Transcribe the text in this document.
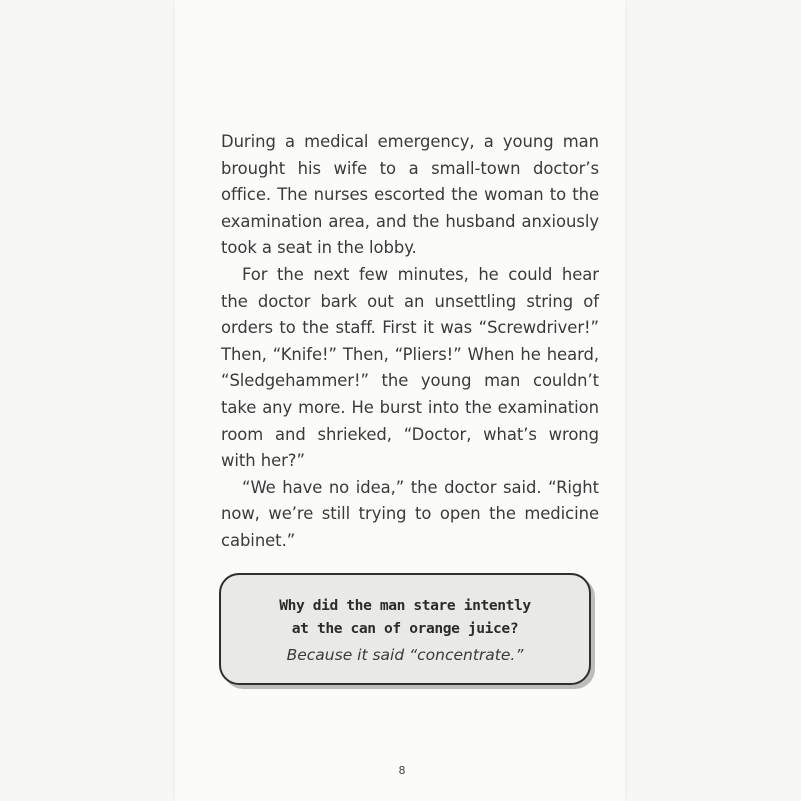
During a medical emergency, a young man brought his wife to a small-town doctor’s office. The nurses escorted the woman to the examination area, and the husband anxiously took a seat in the lobby.

For the next few minutes, he could hear the doctor bark out an unsettling string of orders to the staff. First it was “Screwdriver!” Then, “Knife!” Then, “Pliers!” When he heard, “Sledgehammer!” the young man couldn’t take any more. He burst into the examination room and shrieked, “Doctor, what’s wrong with her?”

“We have no idea,” the doctor said. “Right now, we’re still trying to open the medicine cabinet.”

Why did the man stare intently
at the can of orange juice?
Because it said “concentrate.”
8
